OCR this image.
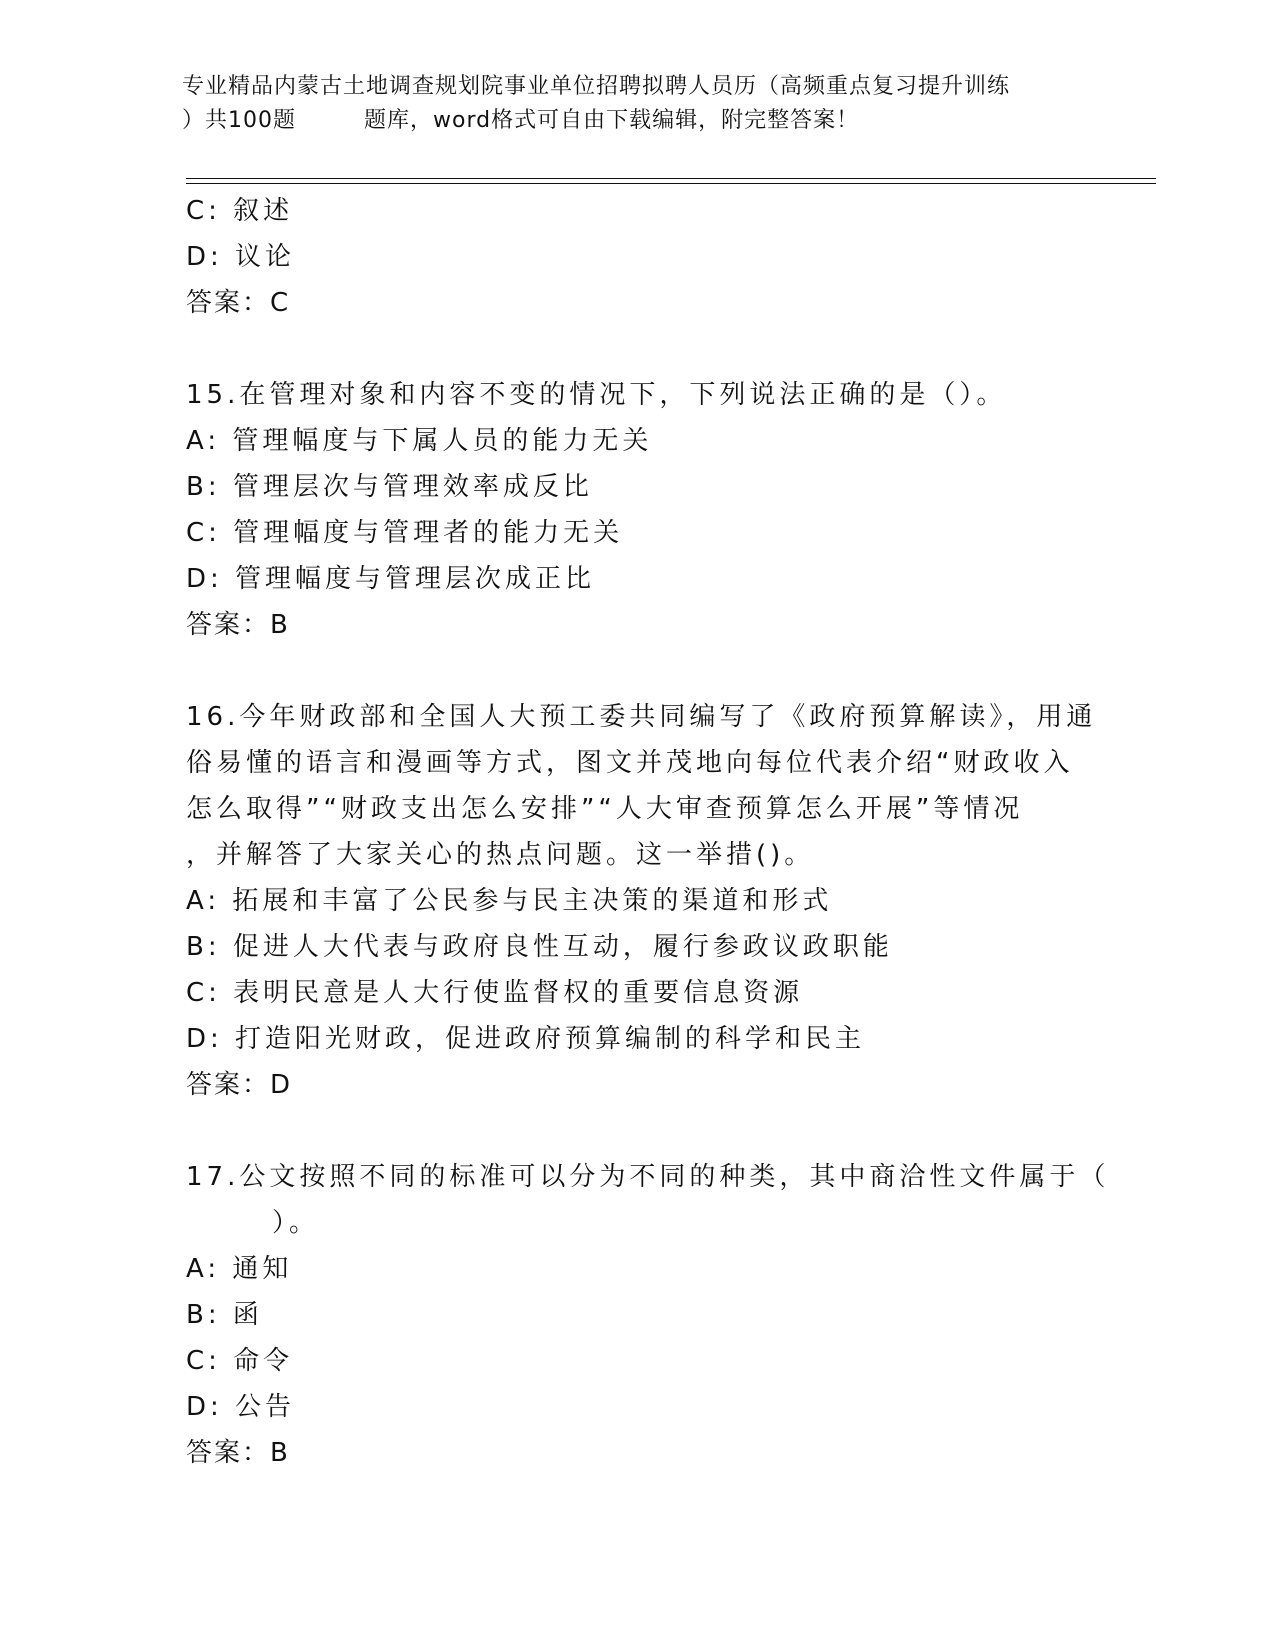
专业精品内蒙古土地调查规划院事业单位招聘拟聘人员历（高频重点复习提升训练
）共100题	题库，word格式可自由下载编辑，附完整答案！
C: 叙述
D: 议论
答案：C
15.在管理对象和内容不变的情况下，下列说法正确的是（）。
A: 管理幅度与下属人员的能力无关
B: 管理层次与管理效率成反比
C: 管理幅度与管理者的能力无关
D: 管理幅度与管理层次成正比
答案：B
16.今年财政部和全国人大预工委共同编写了《政府预算解读》，用通
俗易懂的语言和漫画等方式，图文并茂地向每位代表介绍“财政收入
怎么取得”“财政支出怎么安排”“人大审查预算怎么开展”等情况
，并解答了大家关心的热点问题。这一举措()。
A: 拓展和丰富了公民参与民主决策的渠道和形式
B: 促进人大代表与政府良性互动，履行参政议政职能
C: 表明民意是人大行使监督权的重要信息资源
D: 打造阳光财政，促进政府预算编制的科学和民主
答案：D
17.公文按照不同的标准可以分为不同的种类，其中商洽性文件属于（
）。
A: 通知
B: 函
C: 命令
D: 公告
答案：B
